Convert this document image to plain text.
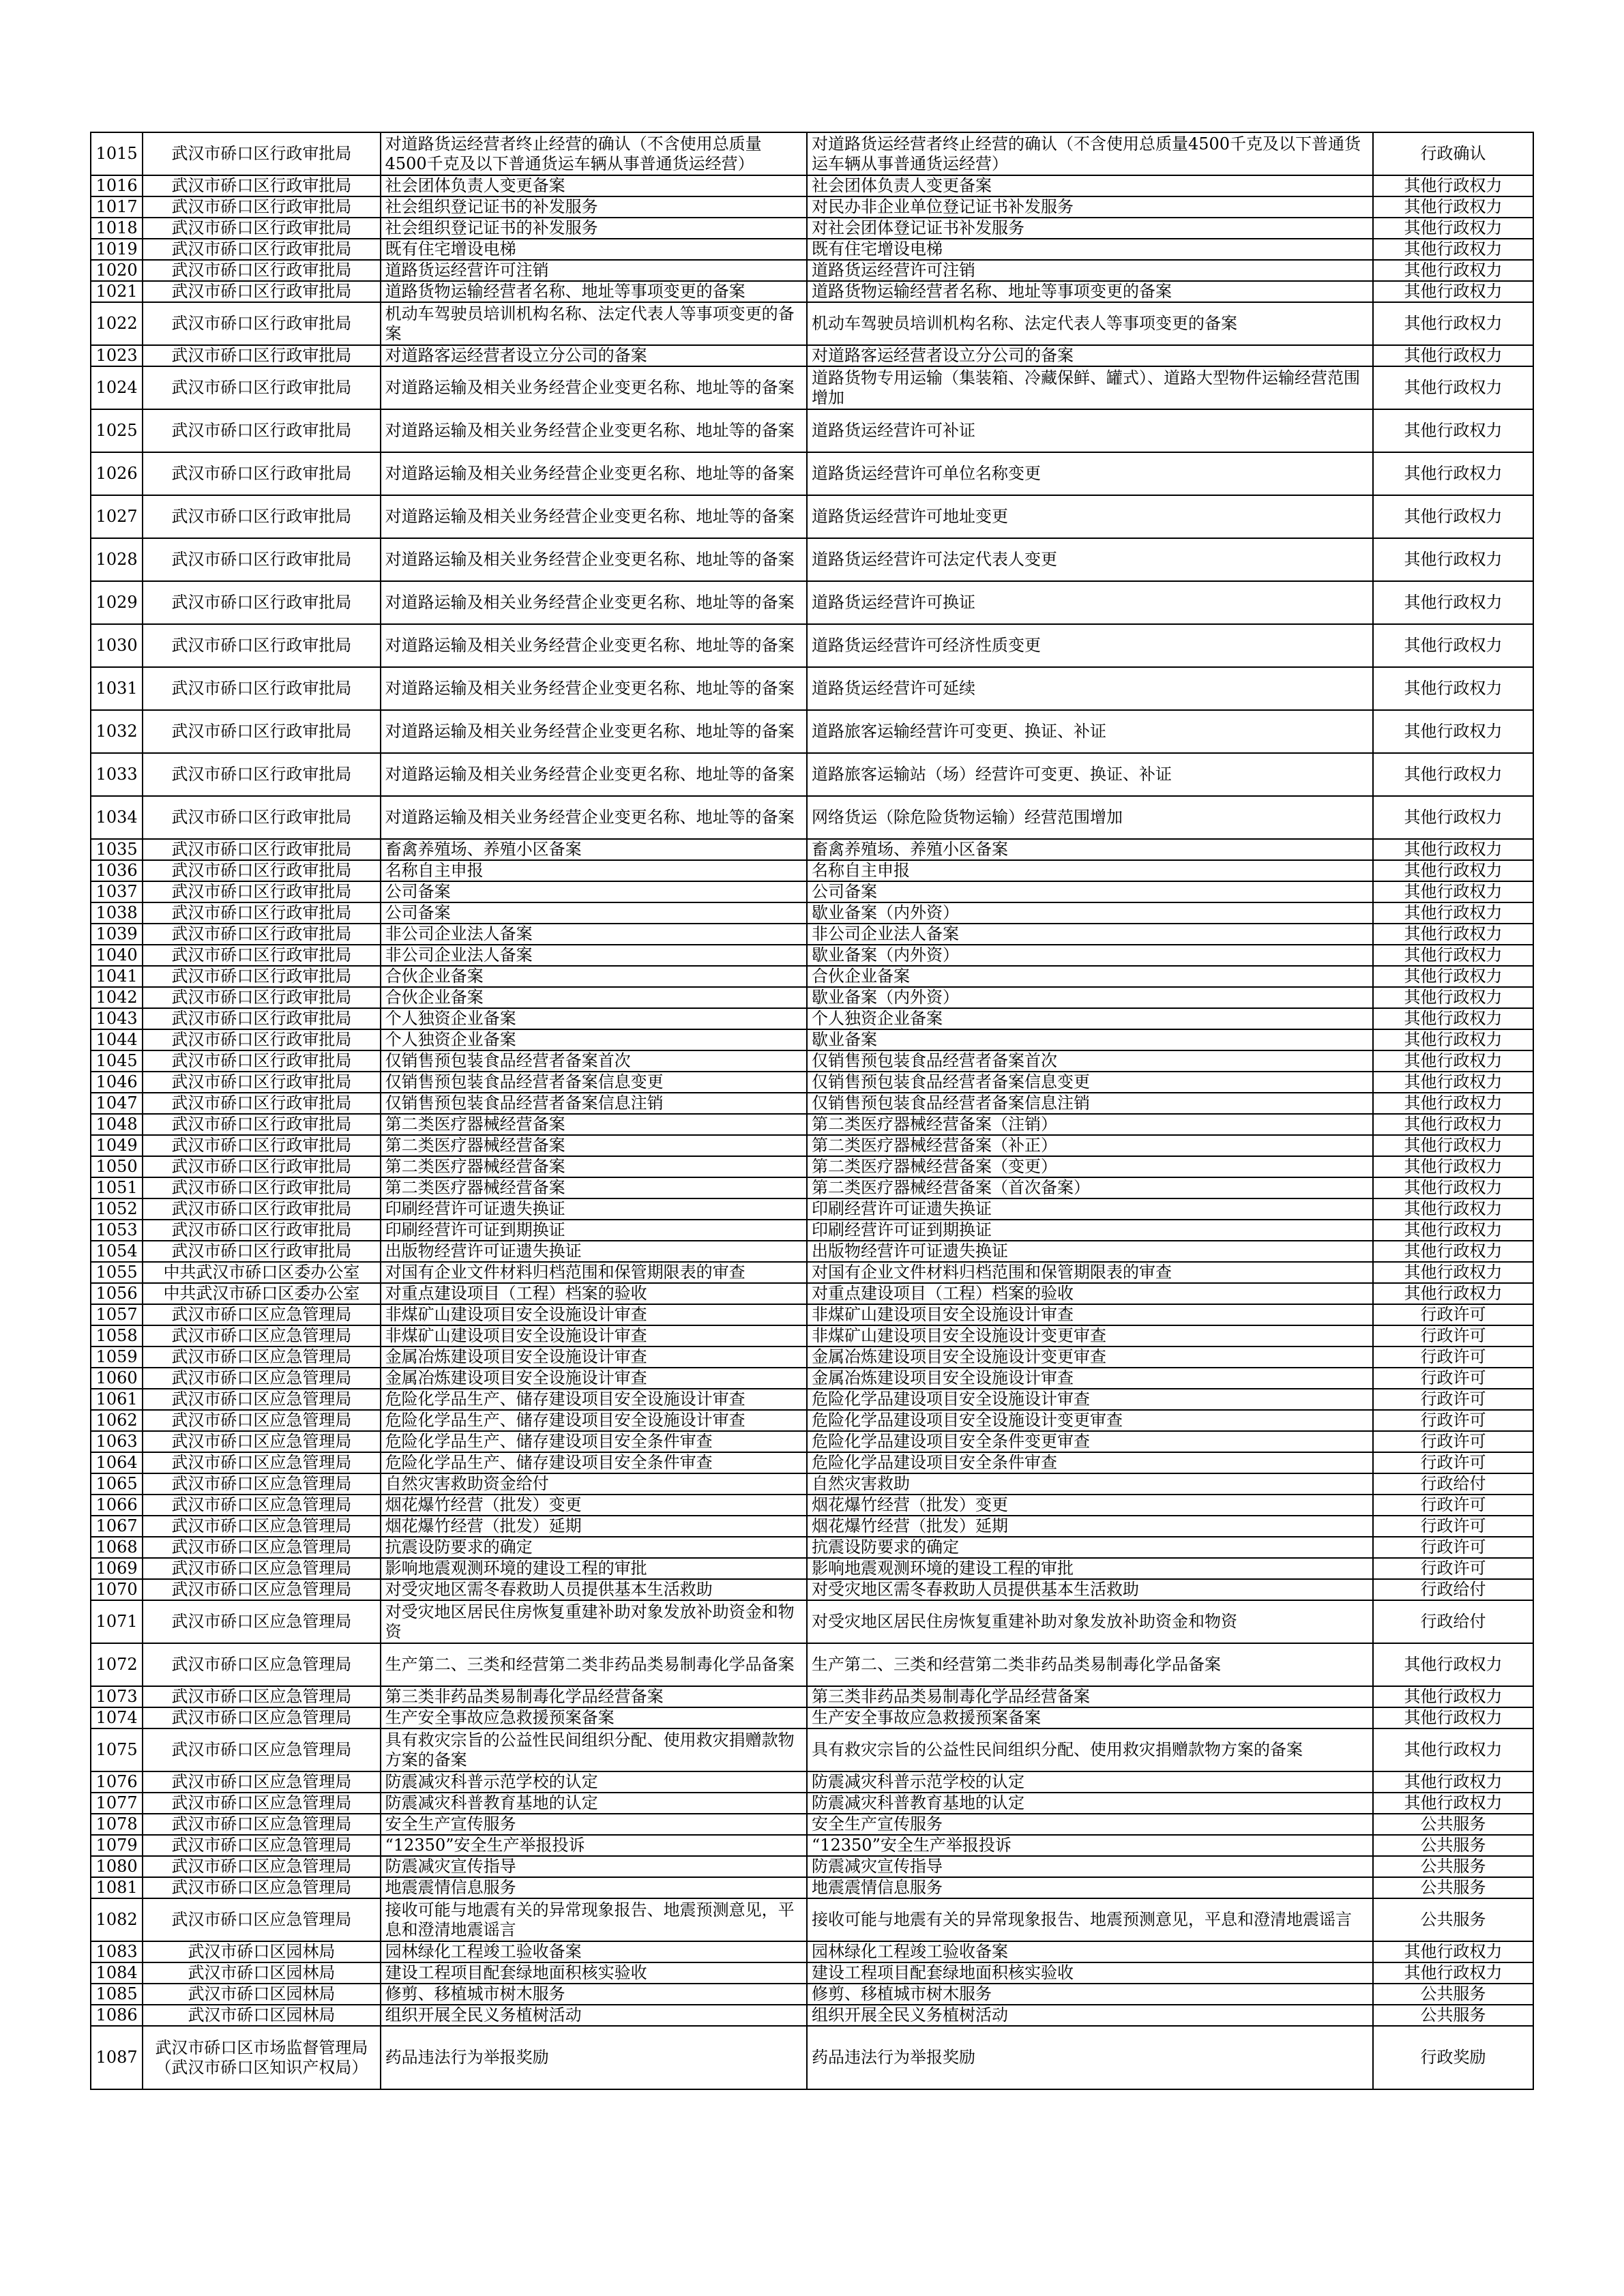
1015	武汉市硚口区行政审批局	对道路货运经营者终止经营的确认（不含使用总质量4500千克及以下普通货运车辆从事普通货运经营）	对道路货运经营者终止经营的确认（不含使用总质量4500千克及以下普通货运车辆从事普通货运经营）	行政确认
1016	武汉市硚口区行政审批局	社会团体负责人变更备案	社会团体负责人变更备案	其他行政权力
1017	武汉市硚口区行政审批局	社会组织登记证书的补发服务	对民办非企业单位登记证书补发服务	其他行政权力
1018	武汉市硚口区行政审批局	社会组织登记证书的补发服务	对社会团体登记证书补发服务	其他行政权力
1019	武汉市硚口区行政审批局	既有住宅增设电梯	既有住宅增设电梯	其他行政权力
1020	武汉市硚口区行政审批局	道路货运经营许可注销	道路货运经营许可注销	其他行政权力
1021	武汉市硚口区行政审批局	道路货物运输经营者名称、地址等事项变更的备案	道路货物运输经营者名称、地址等事项变更的备案	其他行政权力
1022	武汉市硚口区行政审批局	机动车驾驶员培训机构名称、法定代表人等事项变更的备案	机动车驾驶员培训机构名称、法定代表人等事项变更的备案	其他行政权力
1023	武汉市硚口区行政审批局	对道路客运经营者设立分公司的备案	对道路客运经营者设立分公司的备案	其他行政权力
1024	武汉市硚口区行政审批局	对道路运输及相关业务经营企业变更名称、地址等的备案	道路货物专用运输（集装箱、冷藏保鲜、罐式）、道路大型物件运输经营范围增加	其他行政权力
1025	武汉市硚口区行政审批局	对道路运输及相关业务经营企业变更名称、地址等的备案	道路货运经营许可补证	其他行政权力
1026	武汉市硚口区行政审批局	对道路运输及相关业务经营企业变更名称、地址等的备案	道路货运经营许可单位名称变更	其他行政权力
1027	武汉市硚口区行政审批局	对道路运输及相关业务经营企业变更名称、地址等的备案	道路货运经营许可地址变更	其他行政权力
1028	武汉市硚口区行政审批局	对道路运输及相关业务经营企业变更名称、地址等的备案	道路货运经营许可法定代表人变更	其他行政权力
1029	武汉市硚口区行政审批局	对道路运输及相关业务经营企业变更名称、地址等的备案	道路货运经营许可换证	其他行政权力
1030	武汉市硚口区行政审批局	对道路运输及相关业务经营企业变更名称、地址等的备案	道路货运经营许可经济性质变更	其他行政权力
1031	武汉市硚口区行政审批局	对道路运输及相关业务经营企业变更名称、地址等的备案	道路货运经营许可延续	其他行政权力
1032	武汉市硚口区行政审批局	对道路运输及相关业务经营企业变更名称、地址等的备案	道路旅客运输经营许可变更、换证、补证	其他行政权力
1033	武汉市硚口区行政审批局	对道路运输及相关业务经营企业变更名称、地址等的备案	道路旅客运输站（场）经营许可变更、换证、补证	其他行政权力
1034	武汉市硚口区行政审批局	对道路运输及相关业务经营企业变更名称、地址等的备案	网络货运（除危险货物运输）经营范围增加	其他行政权力
1035	武汉市硚口区行政审批局	畜禽养殖场、养殖小区备案	畜禽养殖场、养殖小区备案	其他行政权力
1036	武汉市硚口区行政审批局	名称自主申报	名称自主申报	其他行政权力
1037	武汉市硚口区行政审批局	公司备案	公司备案	其他行政权力
1038	武汉市硚口区行政审批局	公司备案	歇业备案（内外资）	其他行政权力
1039	武汉市硚口区行政审批局	非公司企业法人备案	非公司企业法人备案	其他行政权力
1040	武汉市硚口区行政审批局	非公司企业法人备案	歇业备案（内外资）	其他行政权力
1041	武汉市硚口区行政审批局	合伙企业备案	合伙企业备案	其他行政权力
1042	武汉市硚口区行政审批局	合伙企业备案	歇业备案（内外资）	其他行政权力
1043	武汉市硚口区行政审批局	个人独资企业备案	个人独资企业备案	其他行政权力
1044	武汉市硚口区行政审批局	个人独资企业备案	歇业备案	其他行政权力
1045	武汉市硚口区行政审批局	仅销售预包装食品经营者备案首次	仅销售预包装食品经营者备案首次	其他行政权力
1046	武汉市硚口区行政审批局	仅销售预包装食品经营者备案信息变更	仅销售预包装食品经营者备案信息变更	其他行政权力
1047	武汉市硚口区行政审批局	仅销售预包装食品经营者备案信息注销	仅销售预包装食品经营者备案信息注销	其他行政权力
1048	武汉市硚口区行政审批局	第二类医疗器械经营备案	第二类医疗器械经营备案（注销）	其他行政权力
1049	武汉市硚口区行政审批局	第二类医疗器械经营备案	第二类医疗器械经营备案（补正）	其他行政权力
1050	武汉市硚口区行政审批局	第二类医疗器械经营备案	第二类医疗器械经营备案（变更）	其他行政权力
1051	武汉市硚口区行政审批局	第二类医疗器械经营备案	第二类医疗器械经营备案（首次备案）	其他行政权力
1052	武汉市硚口区行政审批局	印刷经营许可证遗失换证	印刷经营许可证遗失换证	其他行政权力
1053	武汉市硚口区行政审批局	印刷经营许可证到期换证	印刷经营许可证到期换证	其他行政权力
1054	武汉市硚口区行政审批局	出版物经营许可证遗失换证	出版物经营许可证遗失换证	其他行政权力
1055	中共武汉市硚口区委办公室	对国有企业文件材料归档范围和保管期限表的审查	对国有企业文件材料归档范围和保管期限表的审查	其他行政权力
1056	中共武汉市硚口区委办公室	对重点建设项目（工程）档案的验收	对重点建设项目（工程）档案的验收	其他行政权力
1057	武汉市硚口区应急管理局	非煤矿山建设项目安全设施设计审查	非煤矿山建设项目安全设施设计审查	行政许可
1058	武汉市硚口区应急管理局	非煤矿山建设项目安全设施设计审查	非煤矿山建设项目安全设施设计变更审查	行政许可
1059	武汉市硚口区应急管理局	金属冶炼建设项目安全设施设计审查	金属冶炼建设项目安全设施设计变更审查	行政许可
1060	武汉市硚口区应急管理局	金属冶炼建设项目安全设施设计审查	金属冶炼建设项目安全设施设计审查	行政许可
1061	武汉市硚口区应急管理局	危险化学品生产、储存建设项目安全设施设计审查	危险化学品建设项目安全设施设计审查	行政许可
1062	武汉市硚口区应急管理局	危险化学品生产、储存建设项目安全设施设计审查	危险化学品建设项目安全设施设计变更审查	行政许可
1063	武汉市硚口区应急管理局	危险化学品生产、储存建设项目安全条件审查	危险化学品建设项目安全条件变更审查	行政许可
1064	武汉市硚口区应急管理局	危险化学品生产、储存建设项目安全条件审查	危险化学品建设项目安全条件审查	行政许可
1065	武汉市硚口区应急管理局	自然灾害救助资金给付	自然灾害救助	行政给付
1066	武汉市硚口区应急管理局	烟花爆竹经营（批发）变更	烟花爆竹经营（批发）变更	行政许可
1067	武汉市硚口区应急管理局	烟花爆竹经营（批发）延期	烟花爆竹经营（批发）延期	行政许可
1068	武汉市硚口区应急管理局	抗震设防要求的确定	抗震设防要求的确定	行政许可
1069	武汉市硚口区应急管理局	影响地震观测环境的建设工程的审批	影响地震观测环境的建设工程的审批	行政许可
1070	武汉市硚口区应急管理局	对受灾地区需冬春救助人员提供基本生活救助	对受灾地区需冬春救助人员提供基本生活救助	行政给付
1071	武汉市硚口区应急管理局	对受灾地区居民住房恢复重建补助对象发放补助资金和物资	对受灾地区居民住房恢复重建补助对象发放补助资金和物资	行政给付
1072	武汉市硚口区应急管理局	生产第二、三类和经营第二类非药品类易制毒化学品备案	生产第二、三类和经营第二类非药品类易制毒化学品备案	其他行政权力
1073	武汉市硚口区应急管理局	第三类非药品类易制毒化学品经营备案	第三类非药品类易制毒化学品经营备案	其他行政权力
1074	武汉市硚口区应急管理局	生产安全事故应急救援预案备案	生产安全事故应急救援预案备案	其他行政权力
1075	武汉市硚口区应急管理局	具有救灾宗旨的公益性民间组织分配、使用救灾捐赠款物方案的备案	具有救灾宗旨的公益性民间组织分配、使用救灾捐赠款物方案的备案	其他行政权力
1076	武汉市硚口区应急管理局	防震减灾科普示范学校的认定	防震减灾科普示范学校的认定	其他行政权力
1077	武汉市硚口区应急管理局	防震减灾科普教育基地的认定	防震减灾科普教育基地的认定	其他行政权力
1078	武汉市硚口区应急管理局	安全生产宣传服务	安全生产宣传服务	公共服务
1079	武汉市硚口区应急管理局	“12350”安全生产举报投诉	“12350”安全生产举报投诉	公共服务
1080	武汉市硚口区应急管理局	防震减灾宣传指导	防震减灾宣传指导	公共服务
1081	武汉市硚口区应急管理局	地震震情信息服务	地震震情信息服务	公共服务
1082	武汉市硚口区应急管理局	接收可能与地震有关的异常现象报告、地震预测意见，平息和澄清地震谣言	接收可能与地震有关的异常现象报告、地震预测意见，平息和澄清地震谣言	公共服务
1083	武汉市硚口区园林局	园林绿化工程竣工验收备案	园林绿化工程竣工验收备案	其他行政权力
1084	武汉市硚口区园林局	建设工程项目配套绿地面积核实验收	建设工程项目配套绿地面积核实验收	其他行政权力
1085	武汉市硚口区园林局	修剪、移植城市树木服务	修剪、移植城市树木服务	公共服务
1086	武汉市硚口区园林局	组织开展全民义务植树活动	组织开展全民义务植树活动	公共服务
1087	武汉市硚口区市场监督管理局（武汉市硚口区知识产权局）	药品违法行为举报奖励	药品违法行为举报奖励	行政奖励
